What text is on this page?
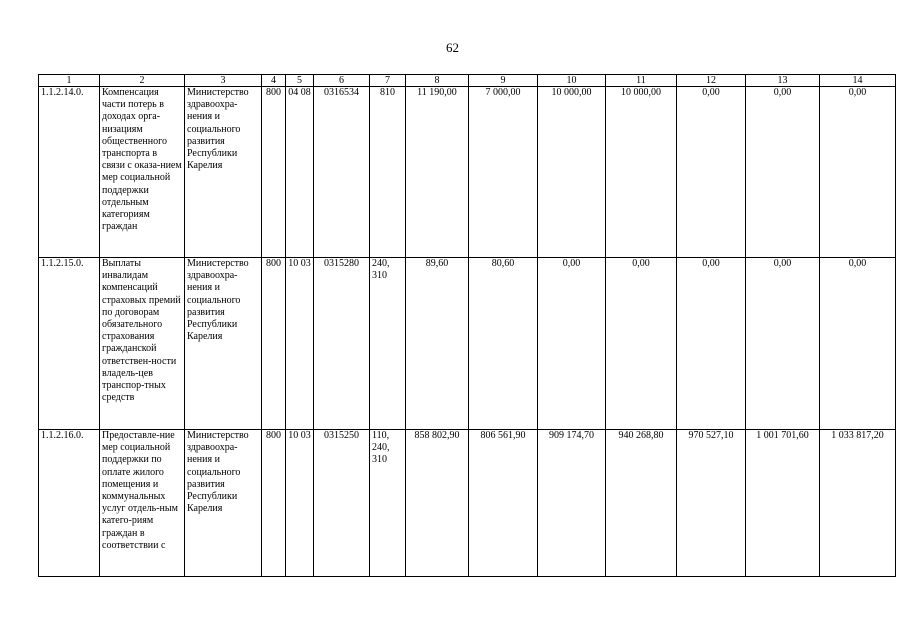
62
1	2	3	4	5	6	7	8	9	10	11	12	13	14
1.1.2.14.0.	Компенсация части потерь в доходах орга-низациям общественного транспорта в связи с оказа-нием мер социальной поддержки отдельным категориям граждан	Министерство здравоохра-нения и социального развития Республики Карелия	800	04 08	0316534	810	11 190,00	7 000,00	10 000,00	10 000,00	0,00	0,00	0,00
1.1.2.15.0.	Выплаты инвалидам компенсаций страховых премий по договорам обязательного страхования гражданской ответствен-ности владель-цев транспор-тных средств	Министерство здравоохра-нения и социального развития Республики Карелия	800	10 03	0315280	240, 310	89,60	80,60	0,00	0,00	0,00	0,00	0,00
1.1.2.16.0.	Предоставле-ние мер социальной поддержки по оплате жилого помещения и коммунальных услуг отдель-ным катего-риям граждан в соответствии с	Министерство здравоохра-нения и социального развития Республики Карелия	800	10 03	0315250	110, 240, 310	858 802,90	806 561,90	909 174,70	940 268,80	970 527,10	1 001 701,60	1 033 817,20
